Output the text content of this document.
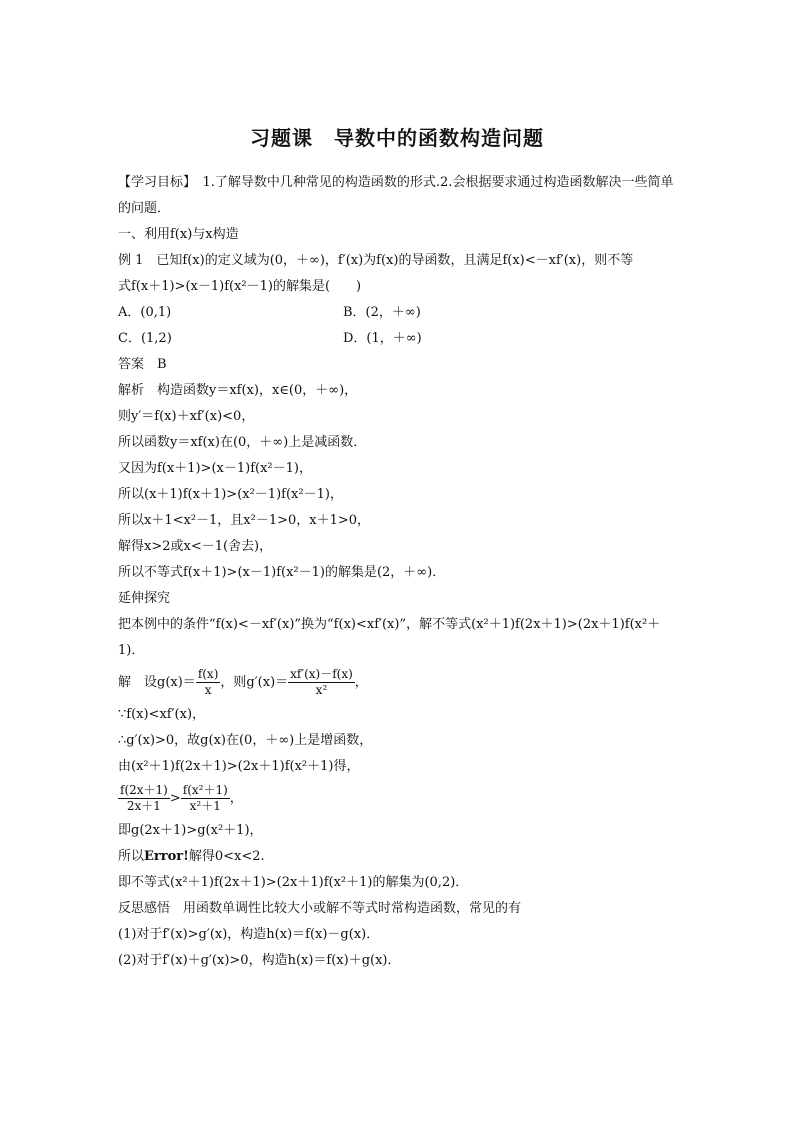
习题课　导数中的函数构造问题
【学习目标】　1.了解导数中几种常见的构造函数的形式.2.会根据要求通过构造函数解决一些简单的问题．
一、利用f(x)与x构造
例 1　已知f(x)的定义域为(0，＋∞)，f′(x)为f(x)的导函数，且满足f(x)<－xf′(x)，则不等
式f(x＋1)>(x－1)f(x²－1)的解集是(　　)
A．(0,1)	B．(2，＋∞)
C．(1,2)	D．(1，＋∞)
答案　B
解析　构造函数y＝xf(x)，x∈(0，＋∞)，
则y′＝f(x)＋xf′(x)<0，
所以函数y＝xf(x)在(0，＋∞)上是减函数．
又因为f(x＋1)>(x－1)f(x²－1)，
所以(x＋1)f(x＋1)>(x²－1)f(x²－1)，
所以x＋1<x²－1，且x²－1>0，x＋1>0，
解得x>2或x<－1(舍去)，
所以不等式f(x＋1)>(x－1)f(x²－1)的解集是(2，＋∞)．
延伸探究
把本例中的条件“f(x)<－xf′(x)”换为“f(x)<xf′(x)”，解不等式(x²＋1)f(2x＋1)>(2x＋1)f(x²＋1)．
解　设$g(x)= \frac{f(x)}{x}$ ，则$g'(x)= \frac{xf'(x)-f(x)}{\text{x²}}$ ，
∵f(x)<xf′(x)，
∴g′(x)>0，故g(x)在(0，＋∞)上是增函数，
由(x²＋1)f(2x＋1)>(2x＋1)f(x²＋1)得，
$\frac{f(2x+1)}{2x+1} > \frac{\text{f(x²＋1)}}{\text{x²＋1}}$ ，
即g(2x＋1)>g(x²＋1)，
所以Error!解得0<x<2.
即不等式(x²＋1)f(2x＋1)>(2x＋1)f(x²＋1)的解集为(0,2)．
反思感悟　用函数单调性比较大小或解不等式时常构造函数，常见的有
(1)对于f′(x)>g′(x)，构造h(x)＝f(x)－g(x)．
(2)对于f′(x)＋g′(x)>0，构造h(x)＝f(x)＋g(x)．
